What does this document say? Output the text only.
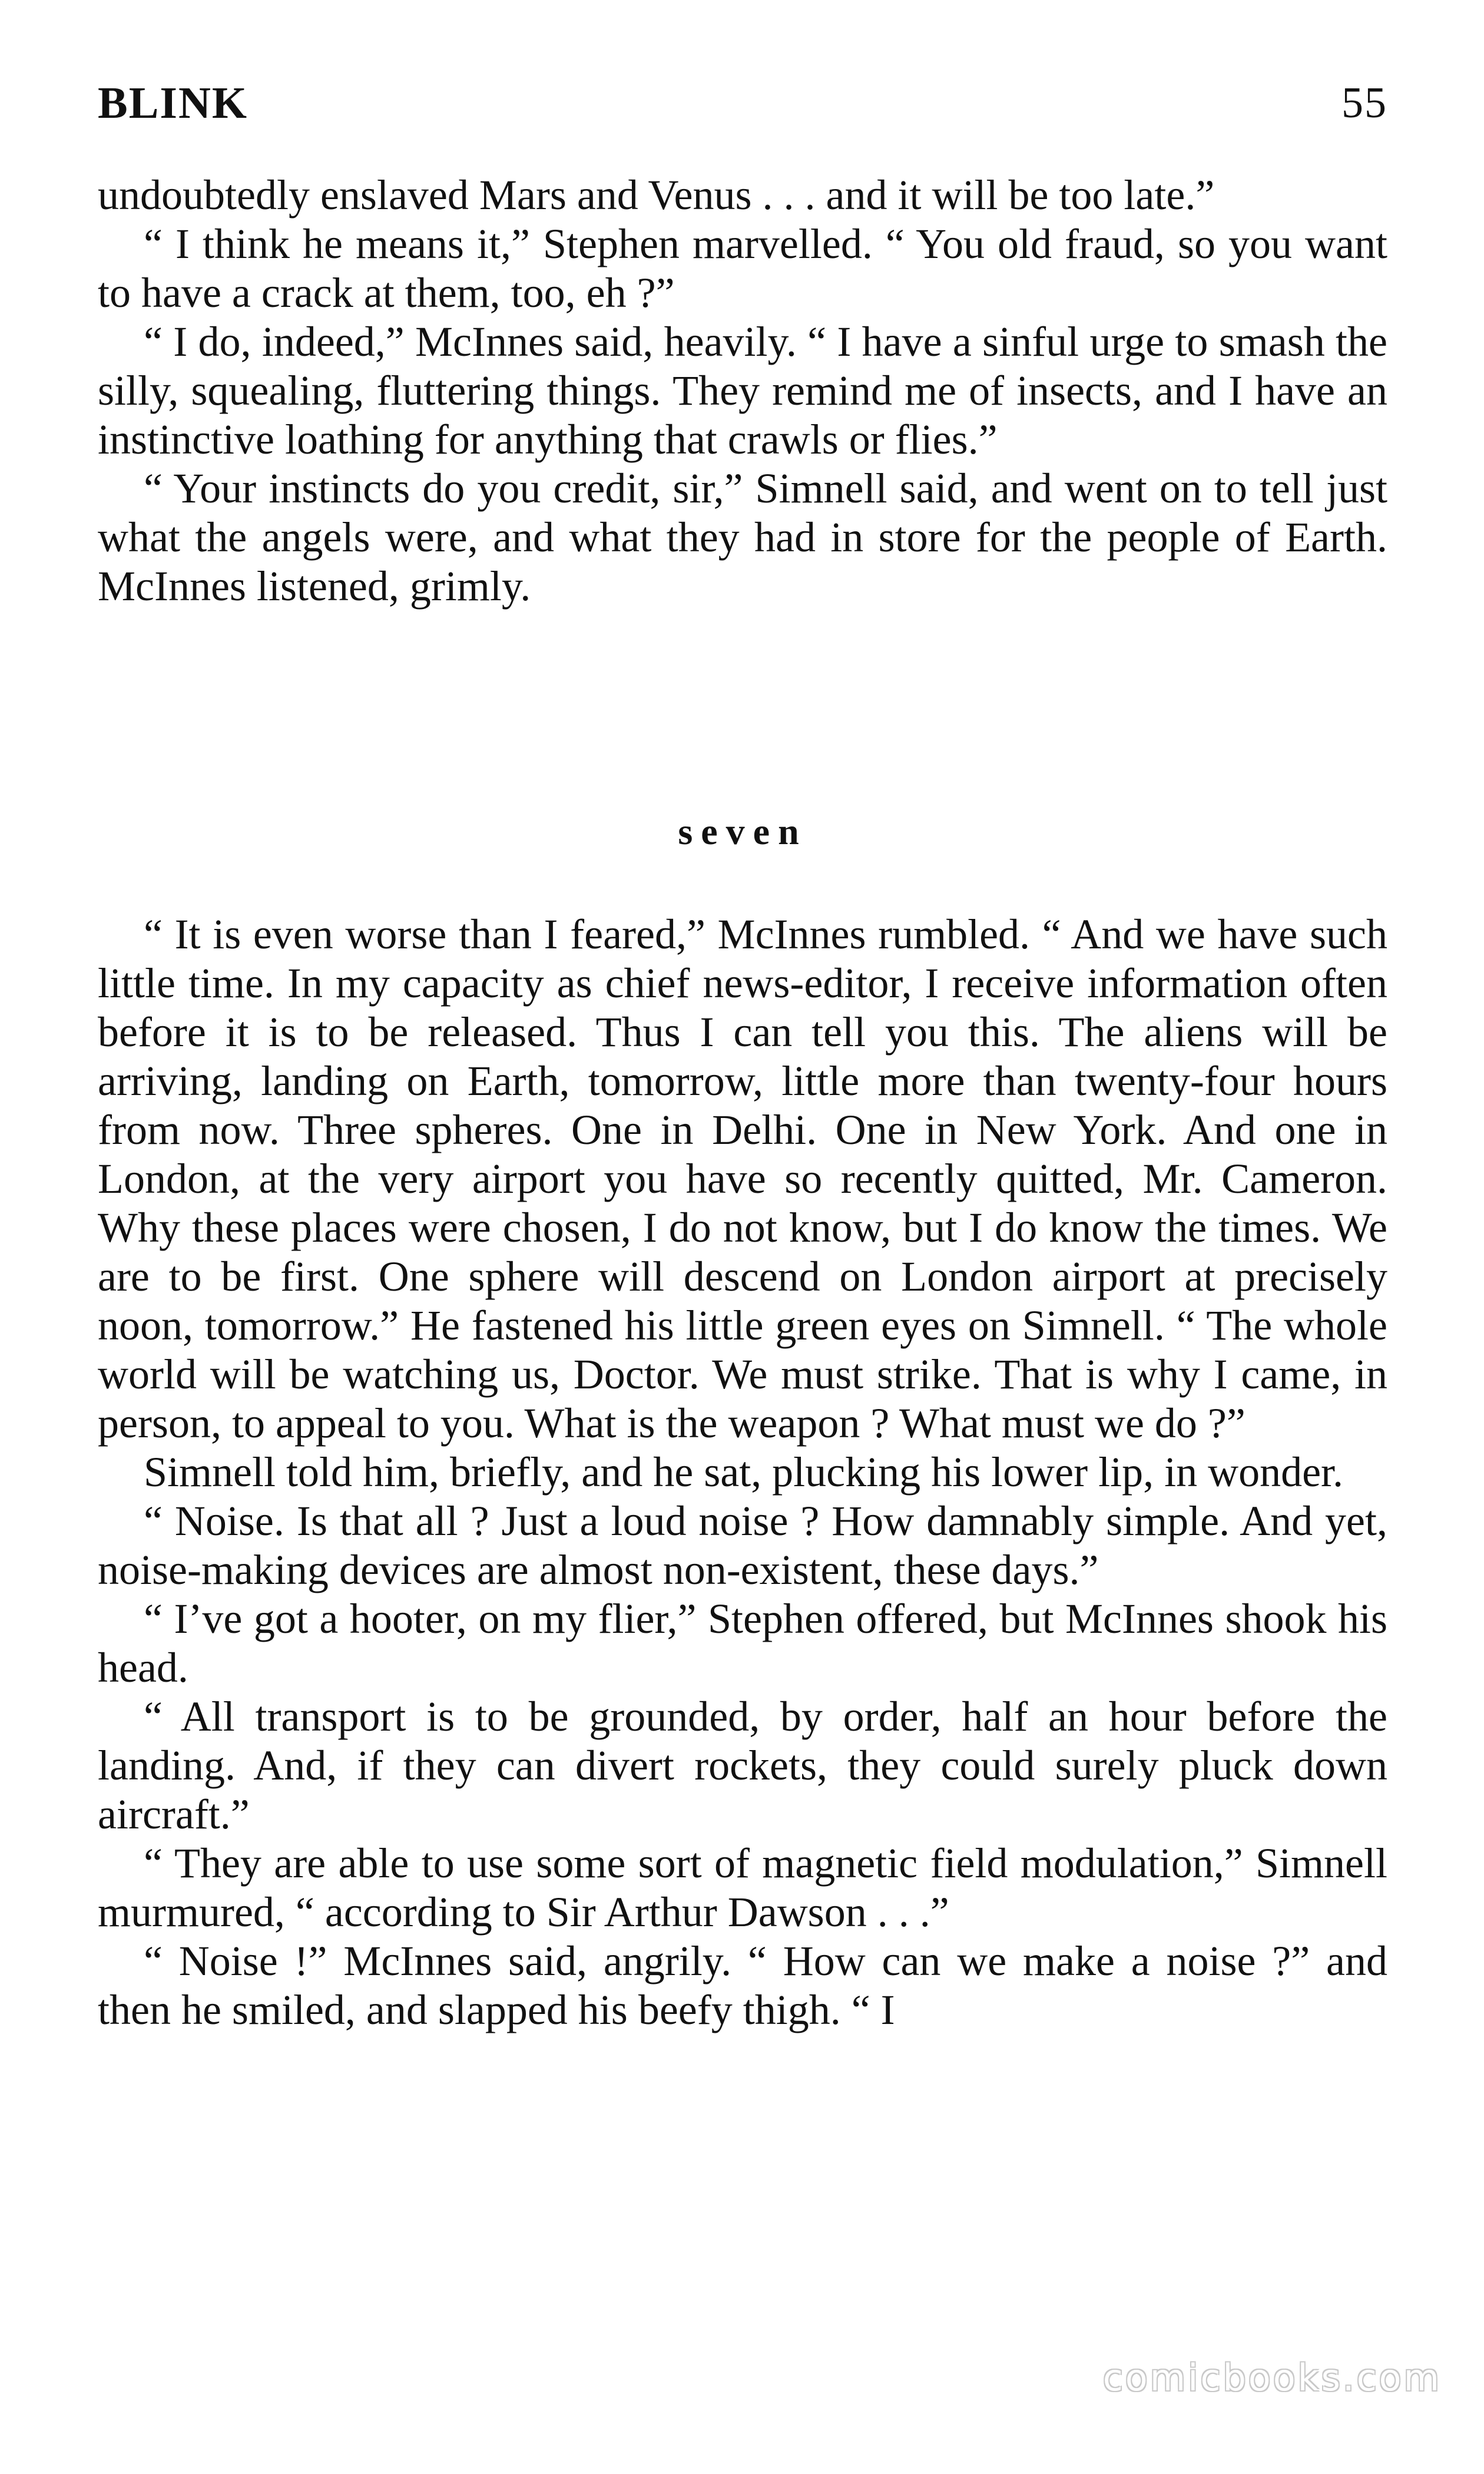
BLINK	55

undoubtedly enslaved Mars and Venus . . . and it will be too late.”

“ I think he means it,” Stephen marvelled. “ You old fraud, so you want to have a crack at them, too, eh ?”

“ I do, indeed,” McInnes said, heavily. “ I have a sinful urge to smash the silly, squealing, fluttering things. They remind me of insects, and I have an instinctive loathing for anything that crawls or flies.”

“ Your instincts do you credit, sir,” Simnell said, and went on to tell just what the angels were, and what they had in store for the people of Earth. McInnes listened, grimly.

seven

“ It is even worse than I feared,” McInnes rumbled. “ And we have such little time. In my capacity as chief news-editor, I receive information often before it is to be released. Thus I can tell you this. The aliens will be arriving, landing on Earth, tomorrow, little more than twenty-four hours from now. Three spheres. One in Delhi. One in New York. And one in London, at the very airport you have so recently quitted, Mr. Cameron. Why these places were chosen, I do not know, but I do know the times. We are to be first. One sphere will descend on London airport at precisely noon, tomorrow.” He fastened his little green eyes on Simnell. “ The whole world will be watching us, Doctor. We must strike. That is why I came, in person, to appeal to you. What is the weapon ? What must we do ?”

Simnell told him, briefly, and he sat, plucking his lower lip, in wonder.

“ Noise. Is that all ? Just a loud noise ? How damnably simple. And yet, noise-making devices are almost non-existent, these days.”

“ I’ve got a hooter, on my flier,” Stephen offered, but McInnes shook his head.

“ All transport is to be grounded, by order, half an hour before the landing. And, if they can divert rockets, they could surely pluck down aircraft.”

“ They are able to use some sort of magnetic field modulation,” Simnell murmured, “ according to Sir Arthur Dawson . . .”

“ Noise !” McInnes said, angrily. “ How can we make a noise ?” and then he smiled, and slapped his beefy thigh. “ I

comicbooks.com
